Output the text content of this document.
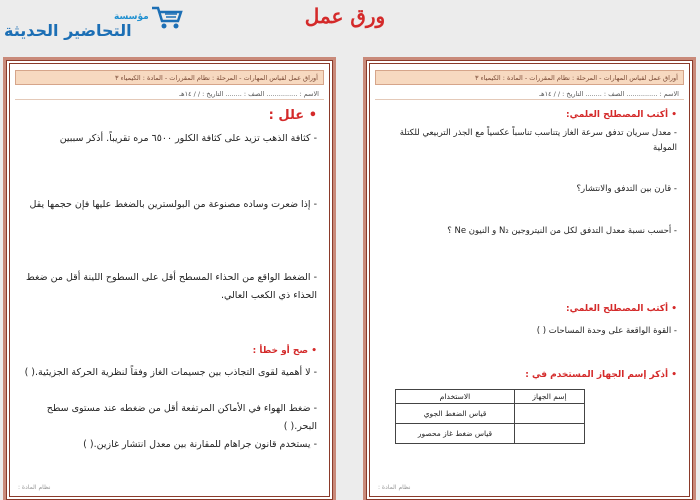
مؤسسة
التحاضير الحديثة
ورق عمل
أوراق عمل لقياس المهارات - المرحلة : نظام المقررات - المادة : الكيمياء ٣
الاسم : ............... الصف : ........ التاريخ : / / ١٤هـ
• علل :
- كثافة الذهب تزيد على كثافة الكلور ٦٥٠٠ مره تقريباً. أذكر سببين
- إذا ضعرت وساده مصنوعة من البولسترين بالضغط عليها فإن حجمها يقل
- الضغط الواقع من الحذاء المسطح أقل على السطوح اللينة أقل من ضغط الحذاء ذي الكعب العالي.
• صح أو خطأ :
- لا أهمية لقوى التجاذب بين جسيمات الغاز وفقاً لنظرية الحركة الجزيئية.( )
- ضغط الهواء في الأماكن المرتفعة أقل من ضغطه عند مستوى سطح البحر.( )
- يستخدم قانون جراهام للمقارنة بين معدل انتشار غازين.( )
نظام المادة :
أوراق عمل لقياس المهارات - المرحلة : نظام المقررات - المادة : الكيمياء ٣
الاسم : ............... الصف : ........ التاريخ : / / ١٤هـ
• أكتب المصطلح العلمي:
- معدل سريان تدفق سرعة الغاز يتناسب تناسباً عكسياً مع الجذر التربيعي للكتلة المولية
- قارن بين التدفق والانتشار؟
- أحسب نسبة معدل التدفق لكل من النيتروجين N₂ و النيون Ne ؟
• أكتب المصطلح العلمي:
- القوة الواقعة على وحدة المساحات ( )
• أذكر إسم الجهاز المستخدم في :
إسم الجهاز	الاستخدام
	قياس الضغط الجوي
	قياس ضغط غاز محصور
نظام المادة :
